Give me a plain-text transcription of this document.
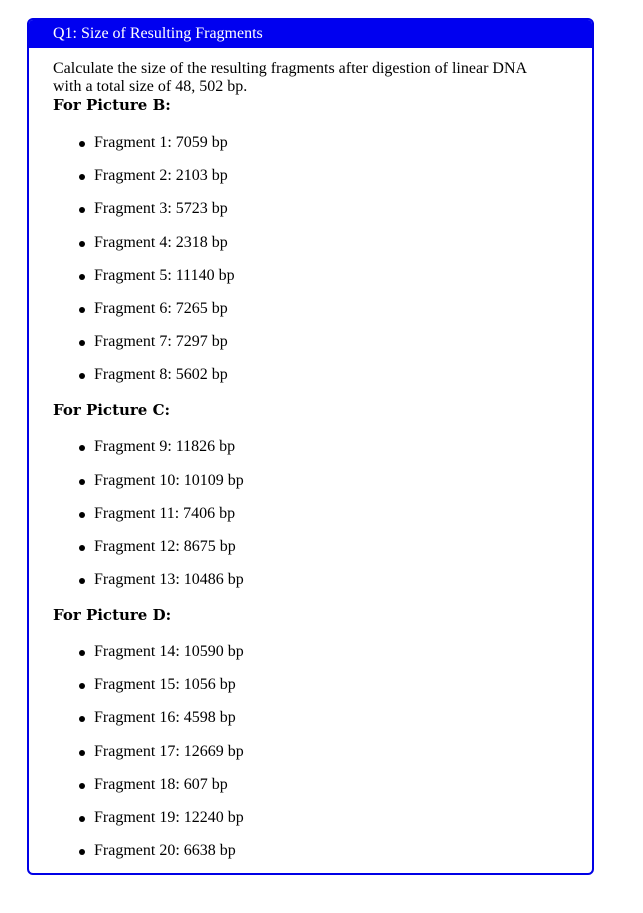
Q1: Size of Resulting Fragments

Calculate the size of the resulting fragments after digestion of linear DNA
with a total size of 48, 502 bp.

For Picture B:
Fragment 1: 7059 bp
Fragment 2: 2103 bp
Fragment 3: 5723 bp
Fragment 4: 2318 bp
Fragment 5: 11140 bp
Fragment 6: 7265 bp
Fragment 7: 7297 bp
Fragment 8: 5602 bp
For Picture C:
Fragment 9: 11826 bp
Fragment 10: 10109 bp
Fragment 11: 7406 bp
Fragment 12: 8675 bp
Fragment 13: 10486 bp
For Picture D:
Fragment 14: 10590 bp
Fragment 15: 1056 bp
Fragment 16: 4598 bp
Fragment 17: 12669 bp
Fragment 18: 607 bp
Fragment 19: 12240 bp
Fragment 20: 6638 bp
